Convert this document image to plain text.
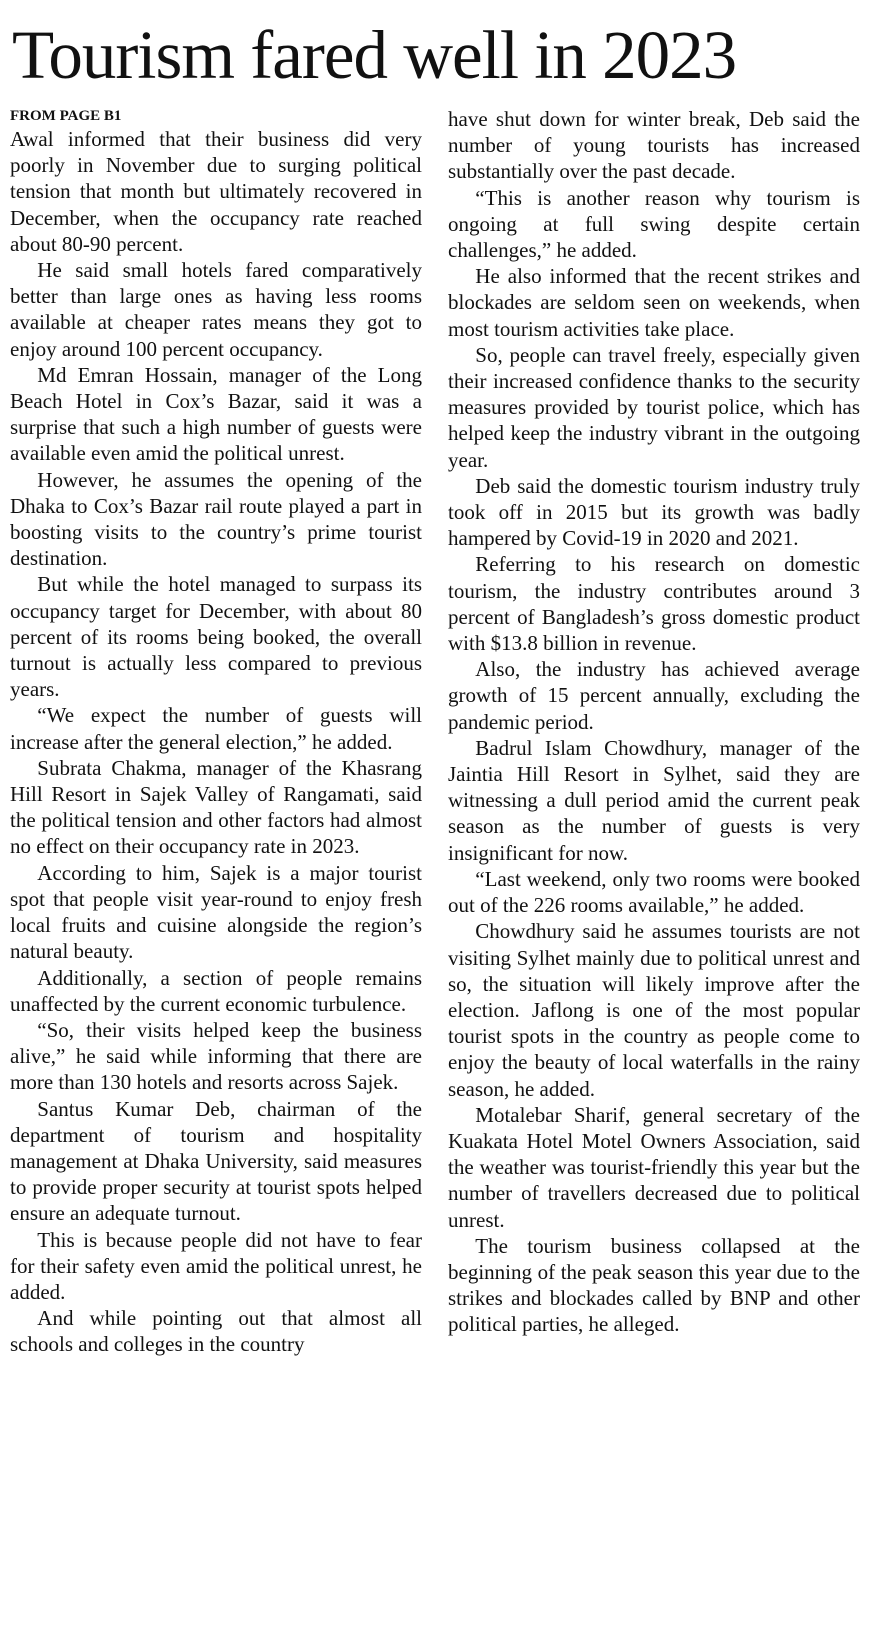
Tourism fared well in 2023

FROM PAGE B1

Awal informed that their business did very poorly in November due to surging political tension that month but ultimately recovered in December, when the occupancy rate reached about 80-90 percent.

He said small hotels fared comparatively better than large ones as having less rooms available at cheaper rates means they got to enjoy around 100 percent occupancy.

Md Emran Hossain, manager of the Long Beach Hotel in Cox’s Bazar, said it was a surprise that such a high number of guests were available even amid the political unrest.

However, he assumes the opening of the Dhaka to Cox’s Bazar rail route played a part in boosting visits to the country’s prime tourist destination.

But while the hotel managed to surpass its occupancy target for December, with about 80 percent of its rooms being booked, the overall turnout is actually less compared to previous years.

“We expect the number of guests will increase after the general election,” he added.

Subrata Chakma, manager of the Khasrang Hill Resort in Sajek Valley of Rangamati, said the political tension and other factors had almost no effect on their occupancy rate in 2023.

According to him, Sajek is a major tourist spot that people visit year-round to enjoy fresh local fruits and cuisine alongside the region’s natural beauty.

Additionally, a section of people remains unaffected by the current economic turbulence.

“So, their visits helped keep the business alive,” he said while informing that there are more than 130 hotels and resorts across Sajek.

Santus Kumar Deb, chairman of the department of tourism and hospitality management at Dhaka University, said measures to provide proper security at tourist spots helped ensure an adequate turnout.

This is because people did not have to fear for their safety even amid the political unrest, he added.

And while pointing out that almost all schools and colleges in the country

have shut down for winter break, Deb said the number of young tourists has increased substantially over the past decade.

“This is another reason why tourism is ongoing at full swing despite certain challenges,” he added.

He also informed that the recent strikes and blockades are seldom seen on weekends, when most tourism activities take place.

So, people can travel freely, especially given their increased confidence thanks to the security measures provided by tourist police, which has helped keep the industry vibrant in the outgoing year.

Deb said the domestic tourism industry truly took off in 2015 but its growth was badly hampered by Covid-19 in 2020 and 2021.

Referring to his research on domestic tourism, the industry contributes around 3 percent of Bangladesh’s gross domestic product with $13.8 billion in revenue.

Also, the industry has achieved average growth of 15 percent annually, excluding the pandemic period.

Badrul Islam Chowdhury, manager of the Jaintia Hill Resort in Sylhet, said they are witnessing a dull period amid the current peak season as the number of guests is very insignificant for now.

“Last weekend, only two rooms were booked out of the 226 rooms available,” he added.

Chowdhury said he assumes tourists are not visiting Sylhet mainly due to political unrest and so, the situation will likely improve after the election. Jaflong is one of the most popular tourist spots in the country as people come to enjoy the beauty of local waterfalls in the rainy season, he added.

Motalebar Sharif, general secretary of the Kuakata Hotel Motel Owners Association, said the weather was tourist-friendly this year but the number of travellers decreased due to political unrest.

The tourism business collapsed at the beginning of the peak season this year due to the strikes and blockades called by BNP and other political parties, he alleged.
